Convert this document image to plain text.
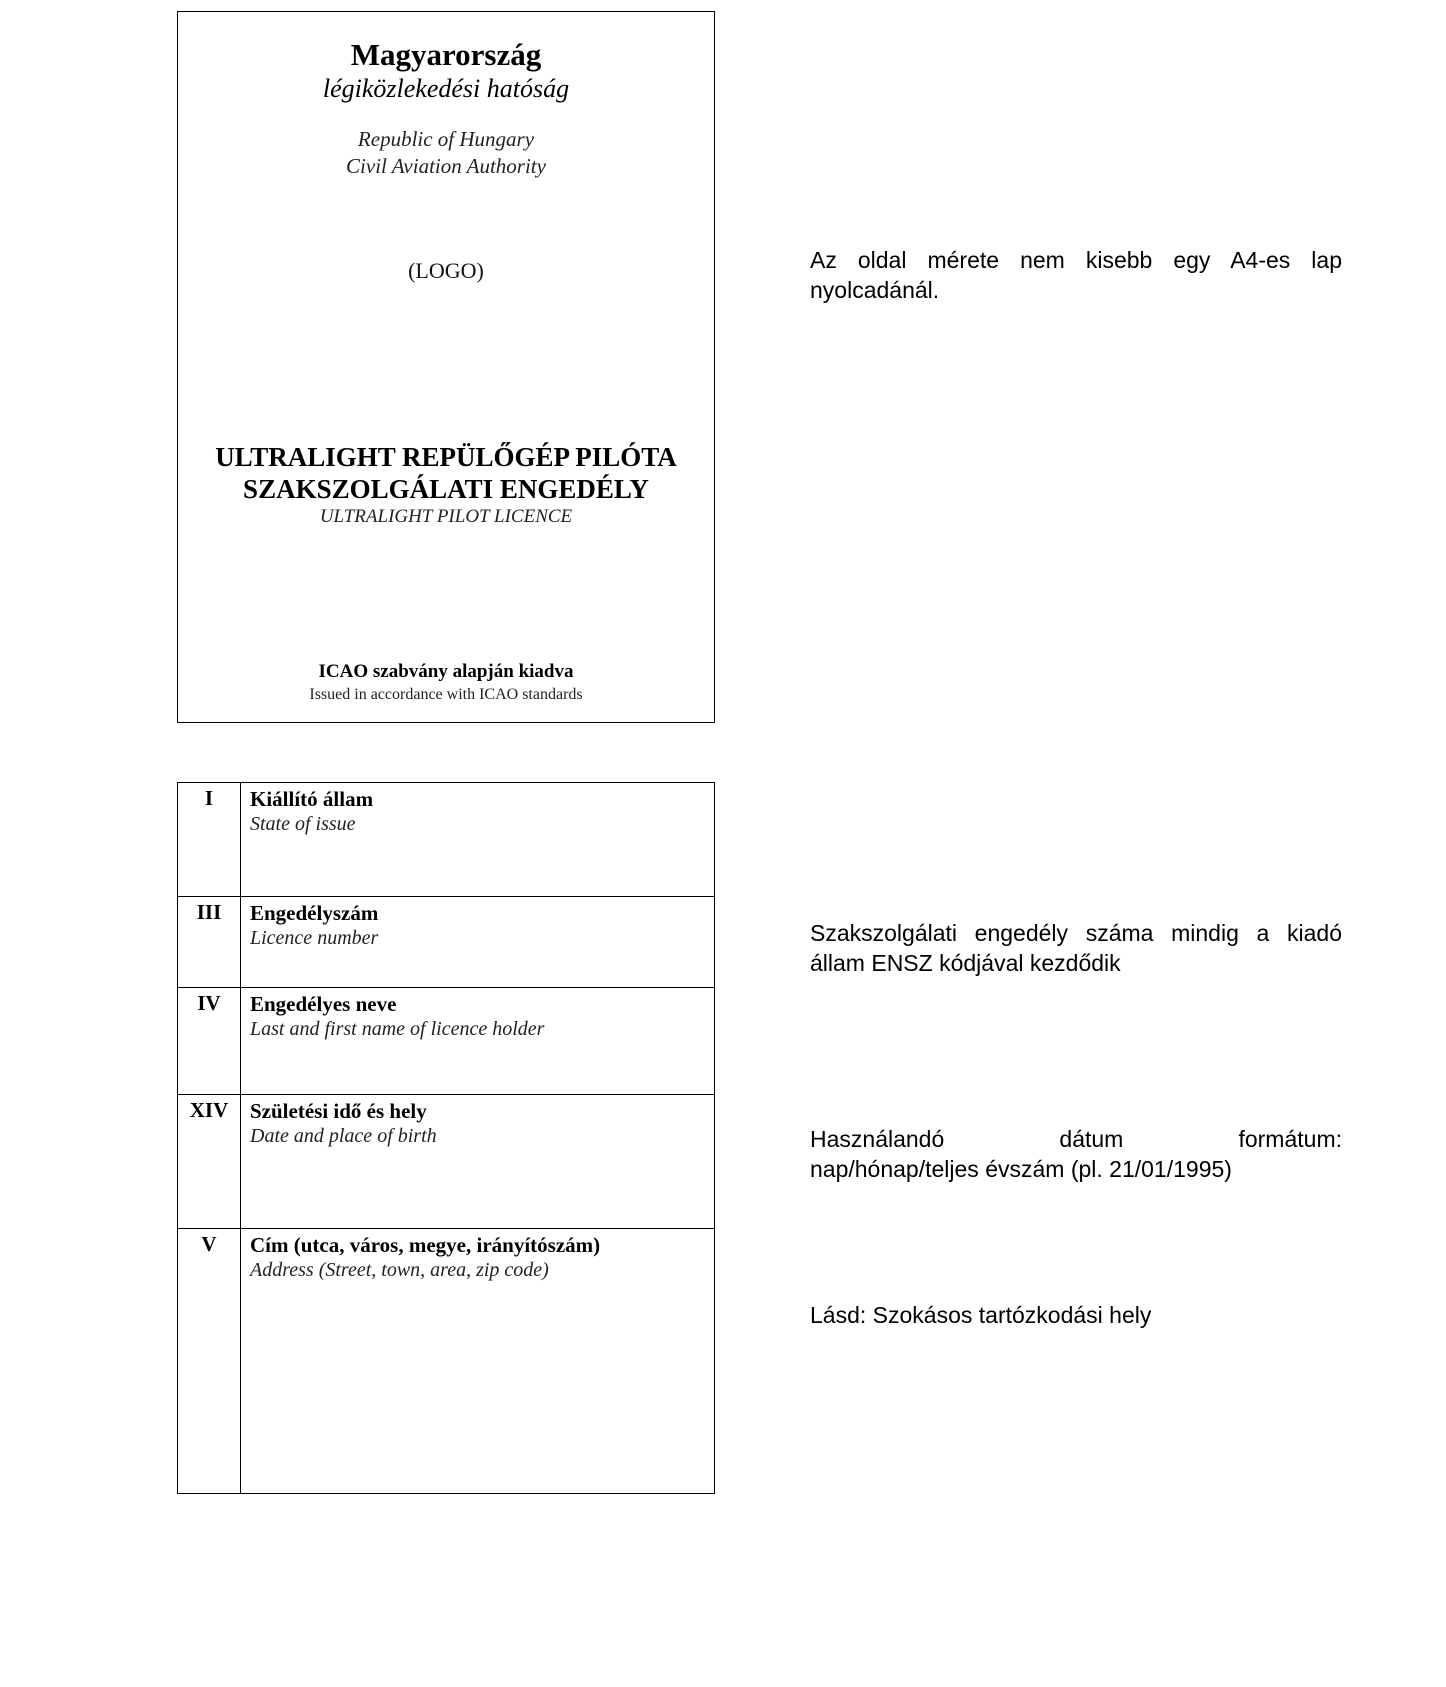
Magyarország
légiközlekedési hatóság
Republic of Hungary
Civil Aviation Authority
(LOGO)
ULTRALIGHT REPÜLŐGÉP PILÓTA
SZAKSZOLGÁLATI ENGEDÉLY
ULTRALIGHT PILOT LICENCE
ICAO szabvány alapján kiadva
Issued in accordance with ICAO standards
I	Kiállító állam
State of issue

III	Engedélyszám
Licence number

IV	Engedélyes neve
Last and first name of licence holder

XIV	Születési idő és hely
Date and place of birth

V	Cím (utca, város, megye, irányítószám)
Address (Street, town, area, zip code)
Az oldal mérete nem kisebb egy A4-es lap nyolcadánál.
Szakszolgálati engedély száma mindig a kiadó állam ENSZ kódjával kezdődik
Használandó dátum formátum:
nap/hónap/teljes évszám (pl. 21/01/1995)
Lásd: Szokásos tartózkodási hely
